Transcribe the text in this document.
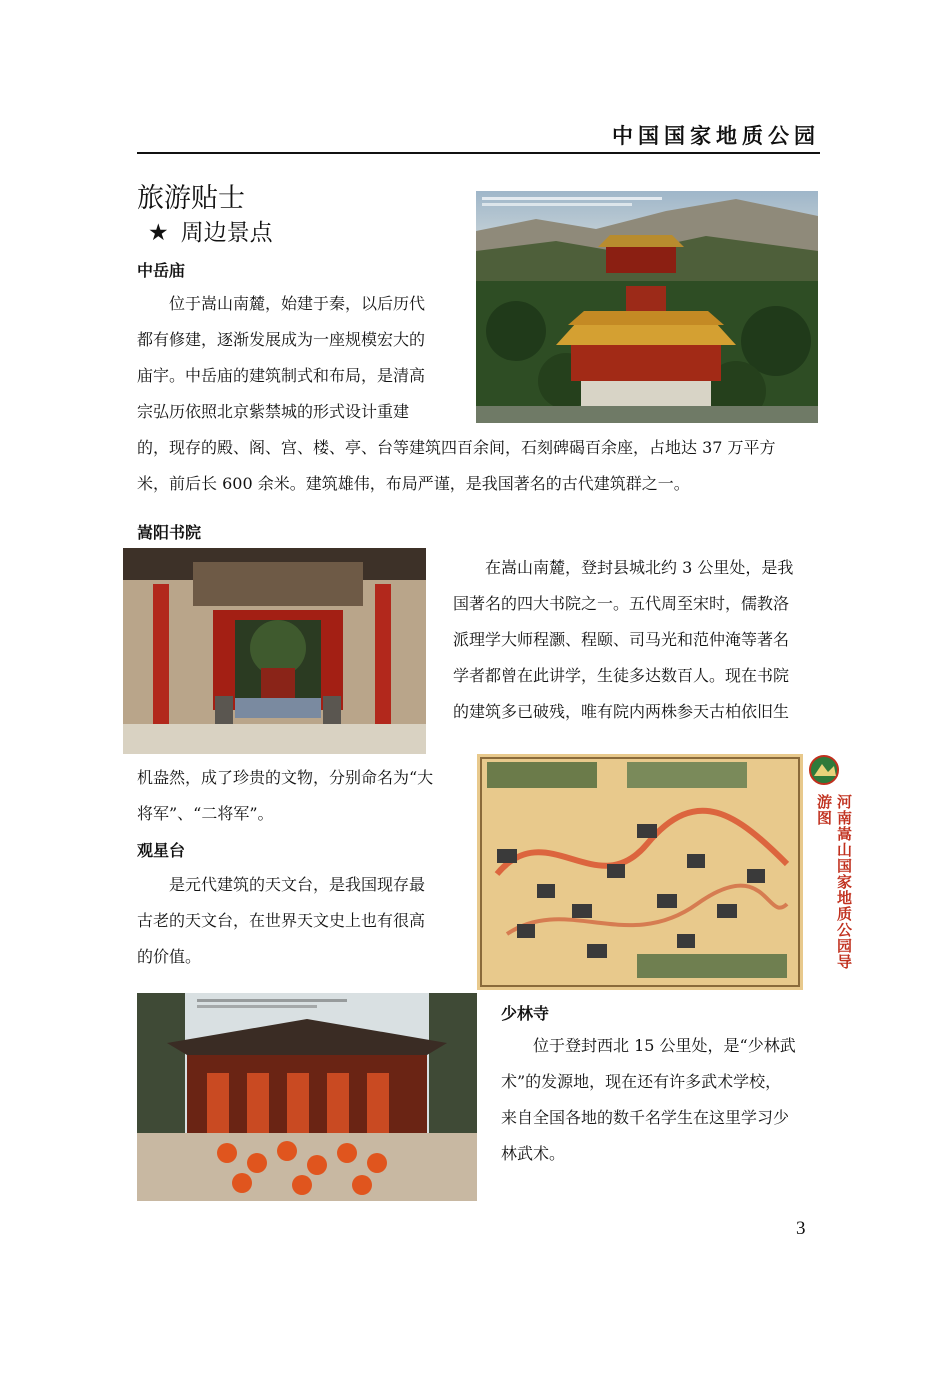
中国国家地质公园
旅游贴士
★ 周边景点
中岳庙
　　位于嵩山南麓，始建于秦，以后历代
都有修建，逐渐发展成为一座规模宏大的
庙宇。中岳庙的建筑制式和布局，是清高
宗弘历依照北京紫禁城的形式设计重建
的，现存的殿、阁、宫、楼、亭、台等建筑四百余间，石刻碑碣百余座，占地达 37 万平方
米，前后长 600 余米。建筑雄伟，布局严谨，是我国著名的古代建筑群之一。
嵩阳书院
　　在嵩山南麓，登封县城北约 3 公里处，是我
国著名的四大书院之一。五代周至宋时，儒教洛
派理学大师程灏、程颐、司马光和范仲淹等著名
学者都曾在此讲学，生徒多达数百人。现在书院
的建筑多已破残，唯有院内两株参天古柏依旧生
机盎然，成了珍贵的文物，分别命名为“大
将军”、“二将军”。	河南嵩山国家地质公园导游图
观星台
　　是元代建筑的天文台，是我国现存最
古老的天文台，在世界天文史上也有很高
的价值。
少林寺
　　位于登封西北 15 公里处，是“少林武
术”的发源地，现在还有许多武术学校，
来自全国各地的数千名学生在这里学习少
林武术。
3
